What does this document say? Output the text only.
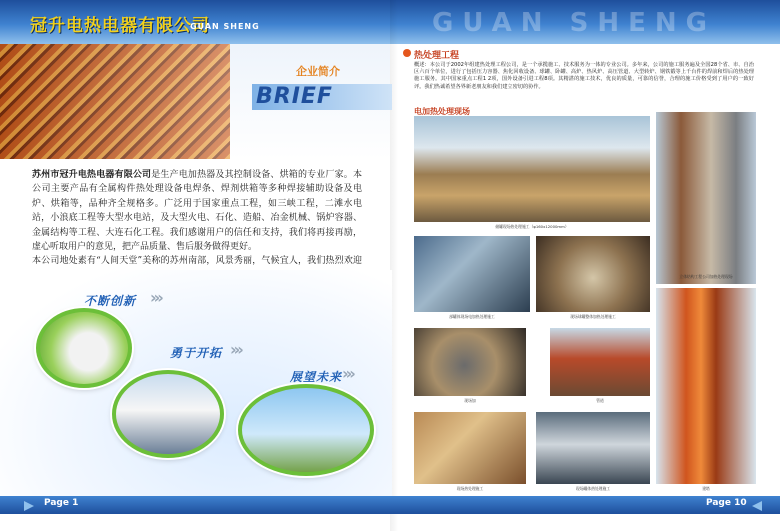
冠升电热电器有限公司
GUAN SHENG	GUAN SHENG
企业简介
BRIEF

苏州市冠升电热电器有限公司是生产电加热器及其控制设备、烘箱的专业厂家。本公司主要产品有全属构件热处理设备电焊条、焊剂烘箱等多种焊接辅助设备及电炉、烘箱等，品种齐全规格多。广泛用于国家重点工程，如三峡工程，二滩水电站，小浪底工程等大型水电站，及大型火电、石化、造船、冶金机械、锅炉容器、金属结构等工程、大连石化工程。我们感谢用户的信任和支持，我们将再接再励，虚心听取用户的意见，把产品质量、售后服务做得更好。

本公司地处素有“人间天堂”美称的苏州南部，风景秀丽，气候宜人，我们热烈欢迎

不断创新 ›››
勇于开拓 ›››
展望未来 ›››
热处理工程
概述：本公司于2002年组建热处理工程公司，是一个承揽施工、技术服务为一体的专业公司。多年来，公司的施工服务遍及全国28个省、市、自治区六百个单位，进行了包括压力容器、焦化回收设备、球罐、卧罐、高炉、热风炉、高压管道、大型转炉、钢铁锻等上千台件的焊前和焊后的热处理施工服务。其中国家重点工程1 2项，国外设备引进工程8项。其精湛的施工技术，优良的质量，可靠的信誉，合理的施工价格受到了用户的一致好评。我们热诚希望各界新老朋友和我们建立密切的协作。
电加热处理现场
储罐现场热处理施工（φ160x12000mm）
立体结构工程公司加热处理现场
部罐体现场电加热处理施工	现场球罐整体加热处理施工
现场加	管道
建塔
现场热处理施工	现场罐体热处理施工
Page 1	Page 10
